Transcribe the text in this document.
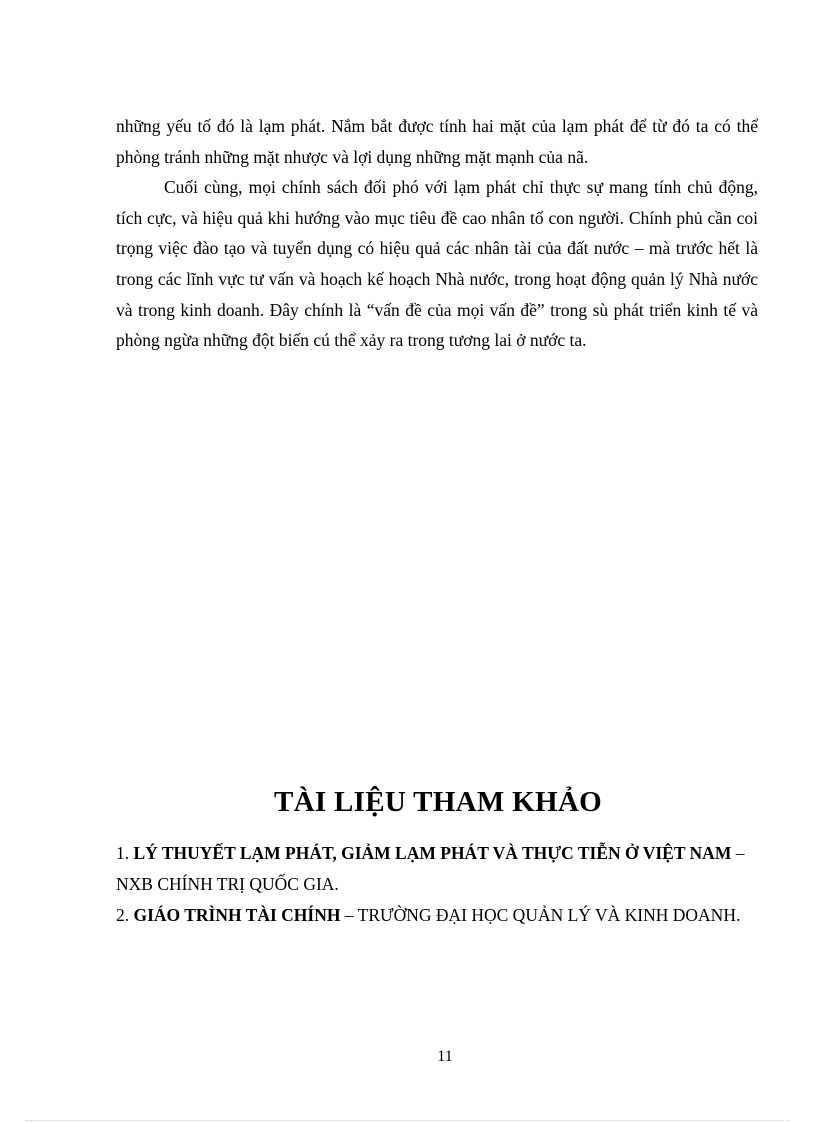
những yếu tố đó là lạm phát. Nắm bắt được tính hai mặt của lạm phát để từ đó ta có thể phòng tránh những mặt nhược và lợi dụng những mặt mạnh của nã.

Cuối cùng, mọi chính sách đối phó với lạm phát chỉ thực sự mang tính chủ động, tích cực, và hiệu quả khi hướng vào mục tiêu đề cao nhân tố con người. Chính phủ cần coi trọng việc đào tạo và tuyển dụng có hiệu quả các nhân tài của đất nước – mà trước hết là trong các lĩnh vực tư vấn và hoạch kế hoạch Nhà nước, trong hoạt động quản lý Nhà nước và trong kinh doanh. Đây chính là “vấn đề của mọi vấn đề” trong sù phát triển kinh tế và phòng ngừa những đột biến cú thể xảy ra trong tương lai ở nước ta.

TÀI LIỆU THAM KHẢO

1. LÝ THUYẾT LẠM PHÁT, GIẢM LẠM PHÁT VÀ THỰC TIỄN Ở VIỆT NAM – NXB CHÍNH TRỊ QUỐC GIA.

2. GIÁO TRÌNH TÀI CHÍNH – TRƯỜNG ĐẠI HỌC QUẢN LÝ VÀ KINH DOANH.

11
